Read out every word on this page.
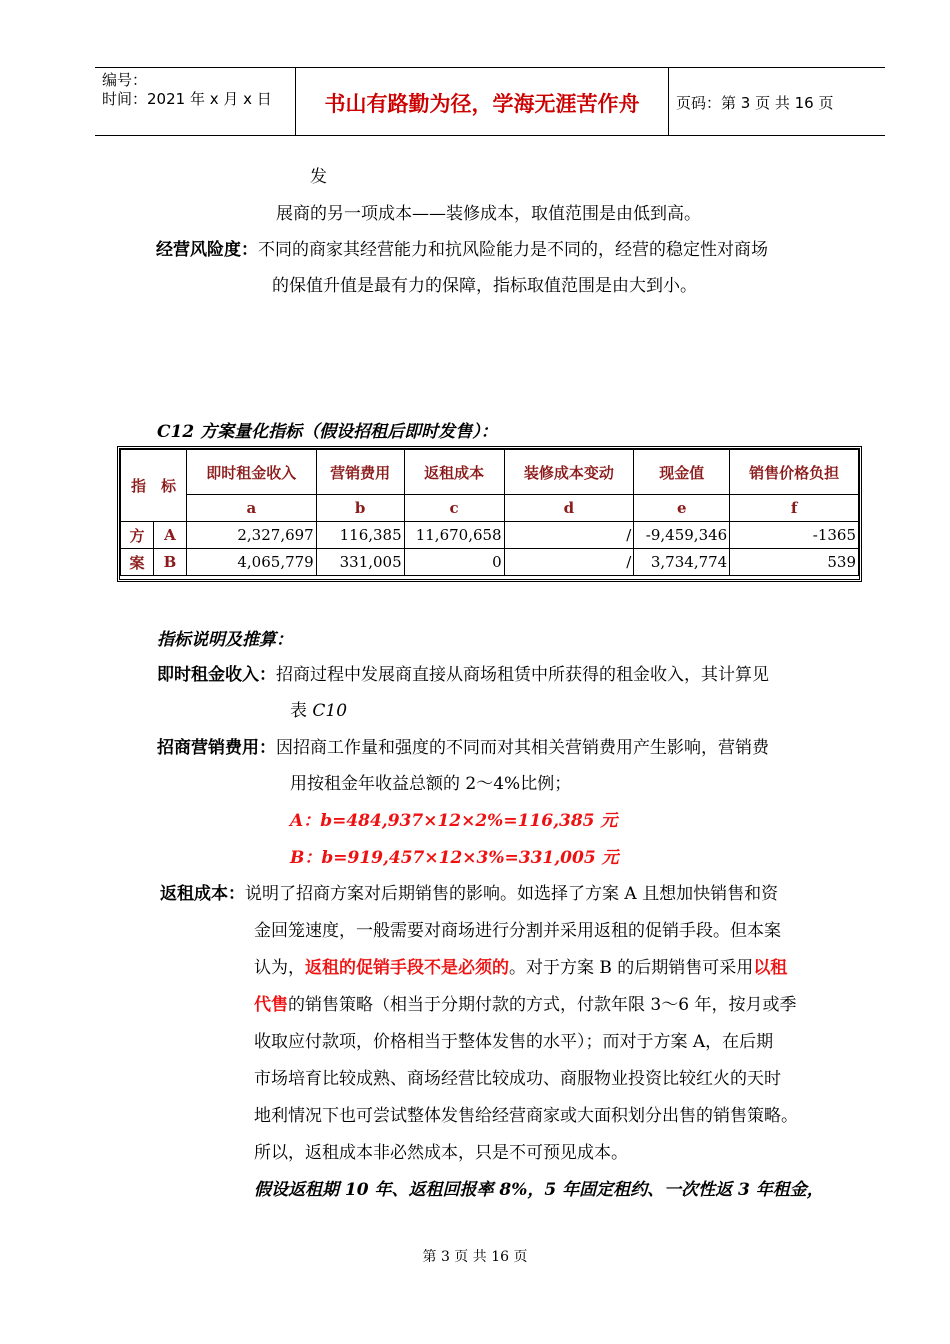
编号：
时间：2021 年 x 月 x 日	书山有路勤为径，学海无涯苦作舟	页码：第 3 页 共 16 页
发
展商的另一项成本——装修成本，取值范围是由低到高。
经营风险度：不同的商家其经营能力和抗风险能力是不同的，经营的稳定性对商场
的保值升值是最有力的保障，指标取值范围是由大到小。
C12 方案量化指标（假设招租后即时发售）：
指　标		即时租金收入	营销费用	返租成本	装修成本变动	现金值	销售价格负担
		a	b	c	d	e	f
方	A	2,327,697	116,385	11,670,658	/	-9,459,346	-1365
案	B	4,065,779	331,005	0	/	3,734,774	539
指标说明及推算：
即时租金收入：招商过程中发展商直接从商场租赁中所获得的租金收入，其计算见
表 C10
招商营销费用：因招商工作量和强度的不同而对其相关营销费用产生影响，营销费
用按租金年收益总额的 2～4%比例；
A：b=484,937×12×2%=116,385 元
B：b=919,457×12×3%=331,005 元
返租成本：说明了招商方案对后期销售的影响。如选择了方案 A 且想加快销售和资
金回笼速度，一般需要对商场进行分割并采用返租的促销手段。但本案
认为，返租的促销手段不是必须的。对于方案 B 的后期销售可采用以租
代售的销售策略（相当于分期付款的方式，付款年限 3～6 年，按月或季
收取应付款项，价格相当于整体发售的水平）；而对于方案 A，在后期
市场培育比较成熟、商场经营比较成功、商服物业投资比较红火的天时
地利情况下也可尝试整体发售给经营商家或大面积划分出售的销售策略。
所以，返租成本非必然成本，只是不可预见成本。
假设返租期 10 年、返租回报率 8%，5 年固定租约、一次性返 3 年租金，
第 3 页 共 16 页
